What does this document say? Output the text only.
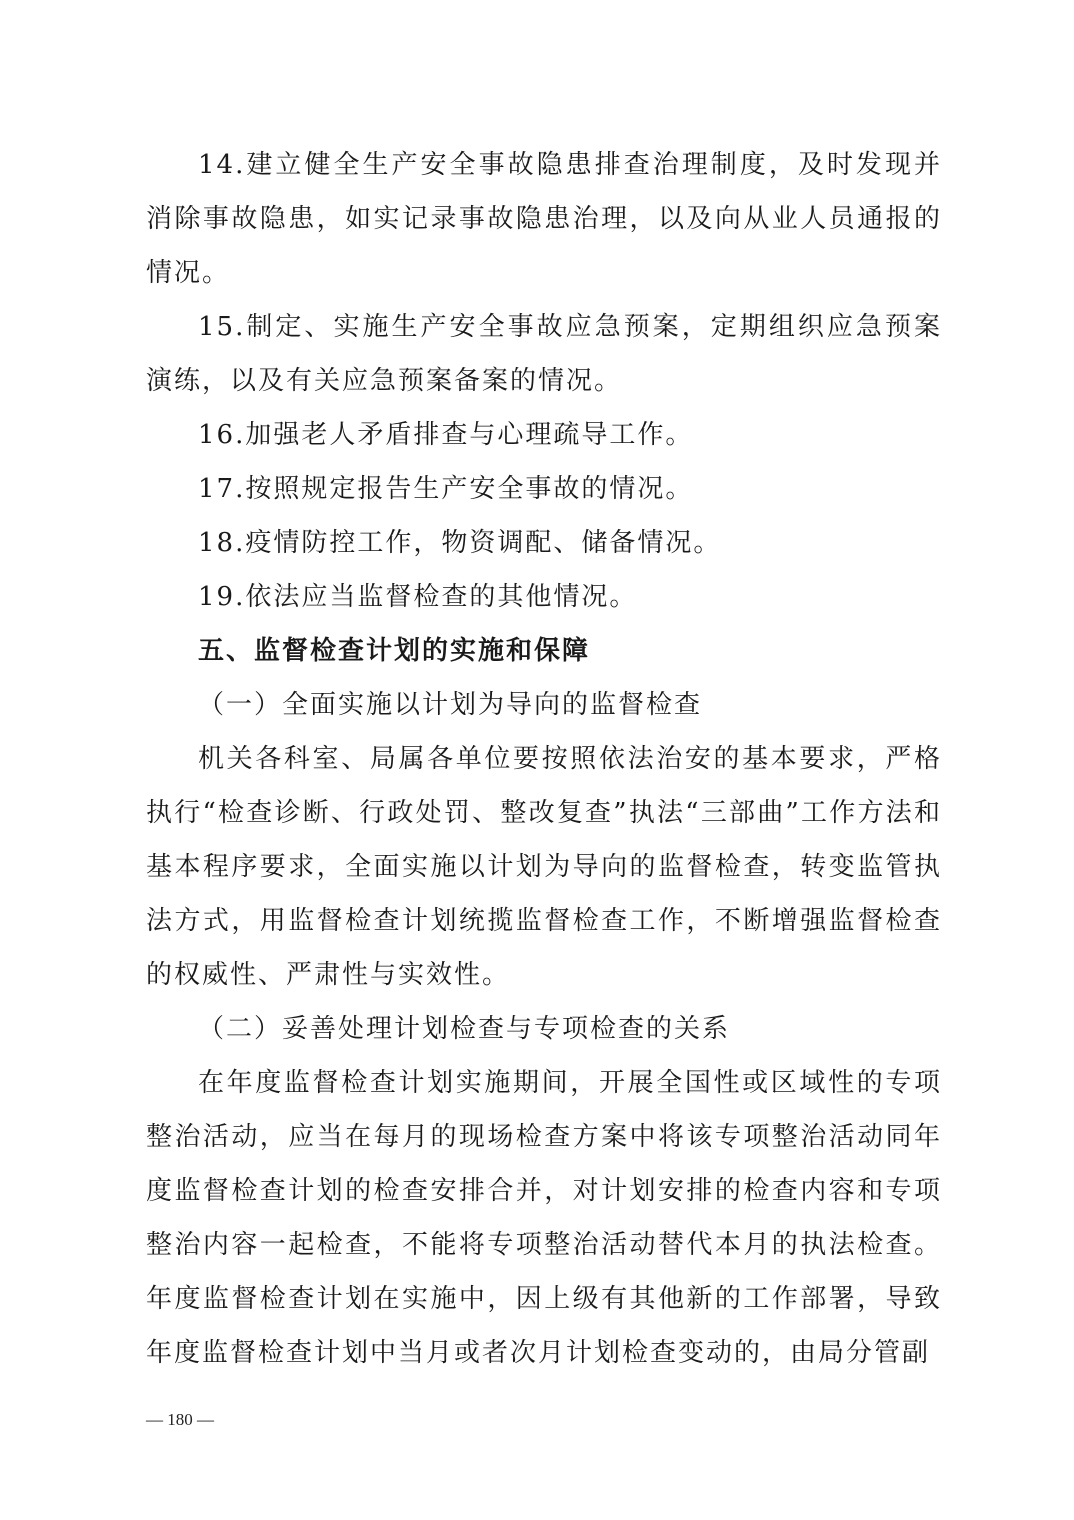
14.建立健全生产安全事故隐患排查治理制度，及时发现并消除事故隐患，如实记录事故隐患治理，以及向从业人员通报的情况。

15.制定、实施生产安全事故应急预案，定期组织应急预案演练，以及有关应急预案备案的情况。

16.加强老人矛盾排查与心理疏导工作。

17.按照规定报告生产安全事故的情况。

18.疫情防控工作，物资调配、储备情况。

19.依法应当监督检查的其他情况。

五、监督检查计划的实施和保障

（一）全面实施以计划为导向的监督检查

机关各科室、局属各单位要按照依法治安的基本要求，严格执行“检查诊断、行政处罚、整改复查”执法“三部曲”工作方法和基本程序要求，全面实施以计划为导向的监督检查，转变监管执法方式，用监督检查计划统揽监督检查工作，不断增强监督检查的权威性、严肃性与实效性。

（二）妥善处理计划检查与专项检查的关系

在年度监督检查计划实施期间，开展全国性或区域性的专项整治活动，应当在每月的现场检查方案中将该专项整治活动同年度监督检查计划的检查安排合并，对计划安排的检查内容和专项整治内容一起检查，不能将专项整治活动替代本月的执法检查。年度监督检查计划在实施中，因上级有其他新的工作部署，导致年度监督检查计划中当月或者次月计划检查变动的，由局分管副

— 180 —
